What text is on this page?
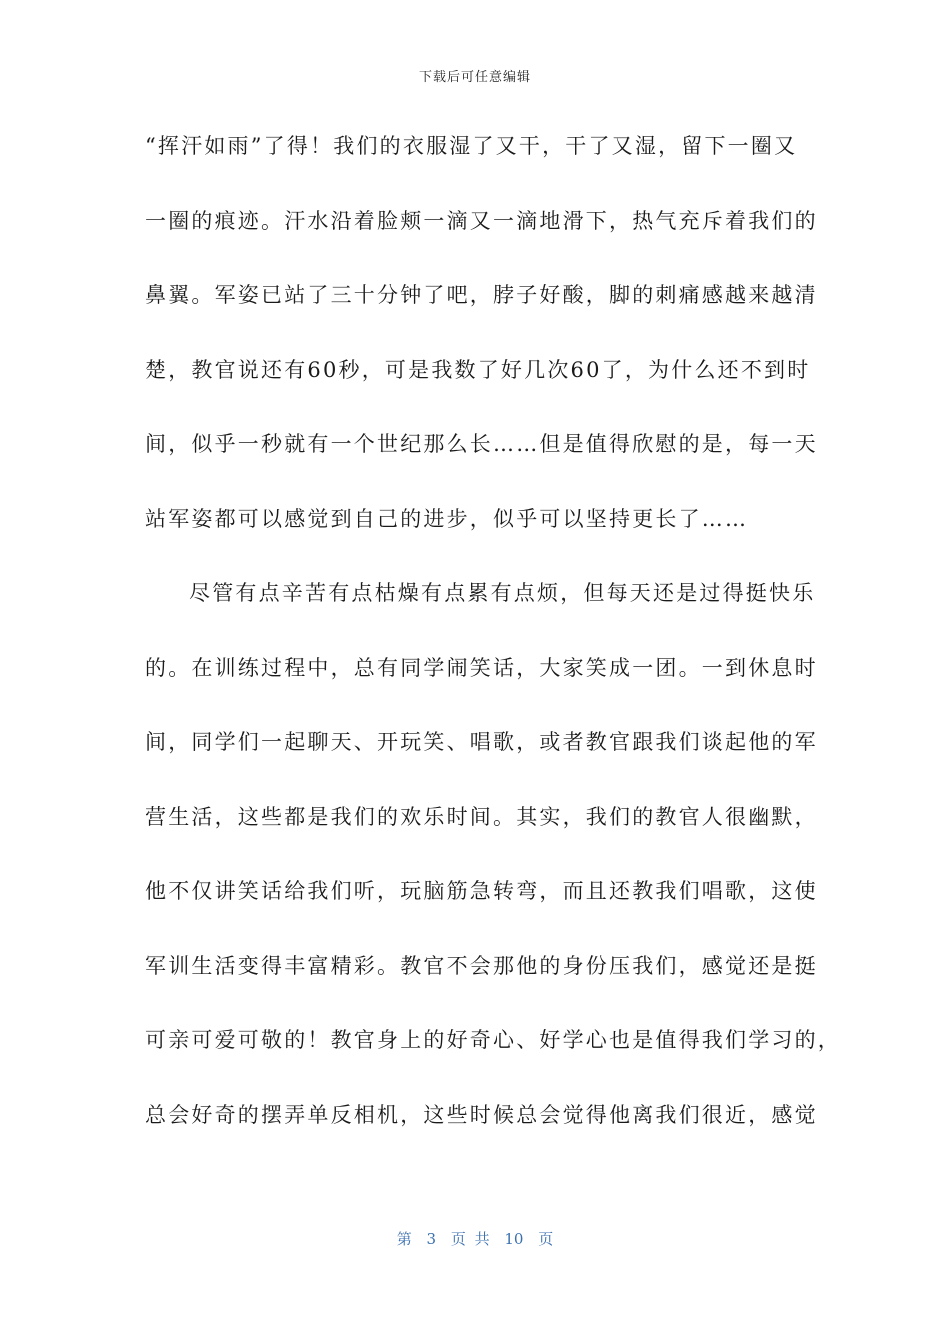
下载后可任意编辑
“挥汗如雨”了得！我们的衣服湿了又干，干了又湿，留下一圈又
一圈的痕迹。汗水沿着脸颊一滴又一滴地滑下，热气充斥着我们的
鼻翼。军姿已站了三十分钟了吧，脖子好酸，脚的刺痛感越来越清
楚，教官说还有60秒，可是我数了好几次60了，为什么还不到时
间，似乎一秒就有一个世纪那么长……但是值得欣慰的是，每一天
站军姿都可以感觉到自己的进步，似乎可以坚持更长了……
尽管有点辛苦有点枯燥有点累有点烦，但每天还是过得挺快乐
的。在训练过程中，总有同学闹笑话，大家笑成一团。一到休息时
间，同学们一起聊天、开玩笑、唱歌，或者教官跟我们谈起他的军
营生活，这些都是我们的欢乐时间。其实，我们的教官人很幽默，
他不仅讲笑话给我们听，玩脑筋急转弯，而且还教我们唱歌，这使
军训生活变得丰富精彩。教官不会那他的身份压我们，感觉还是挺
可亲可爱可敬的！教官身上的好奇心、好学心也是值得我们学习的，
总会好奇的摆弄单反相机，这些时候总会觉得他离我们很近，感觉
第 3 页 共 10 页
